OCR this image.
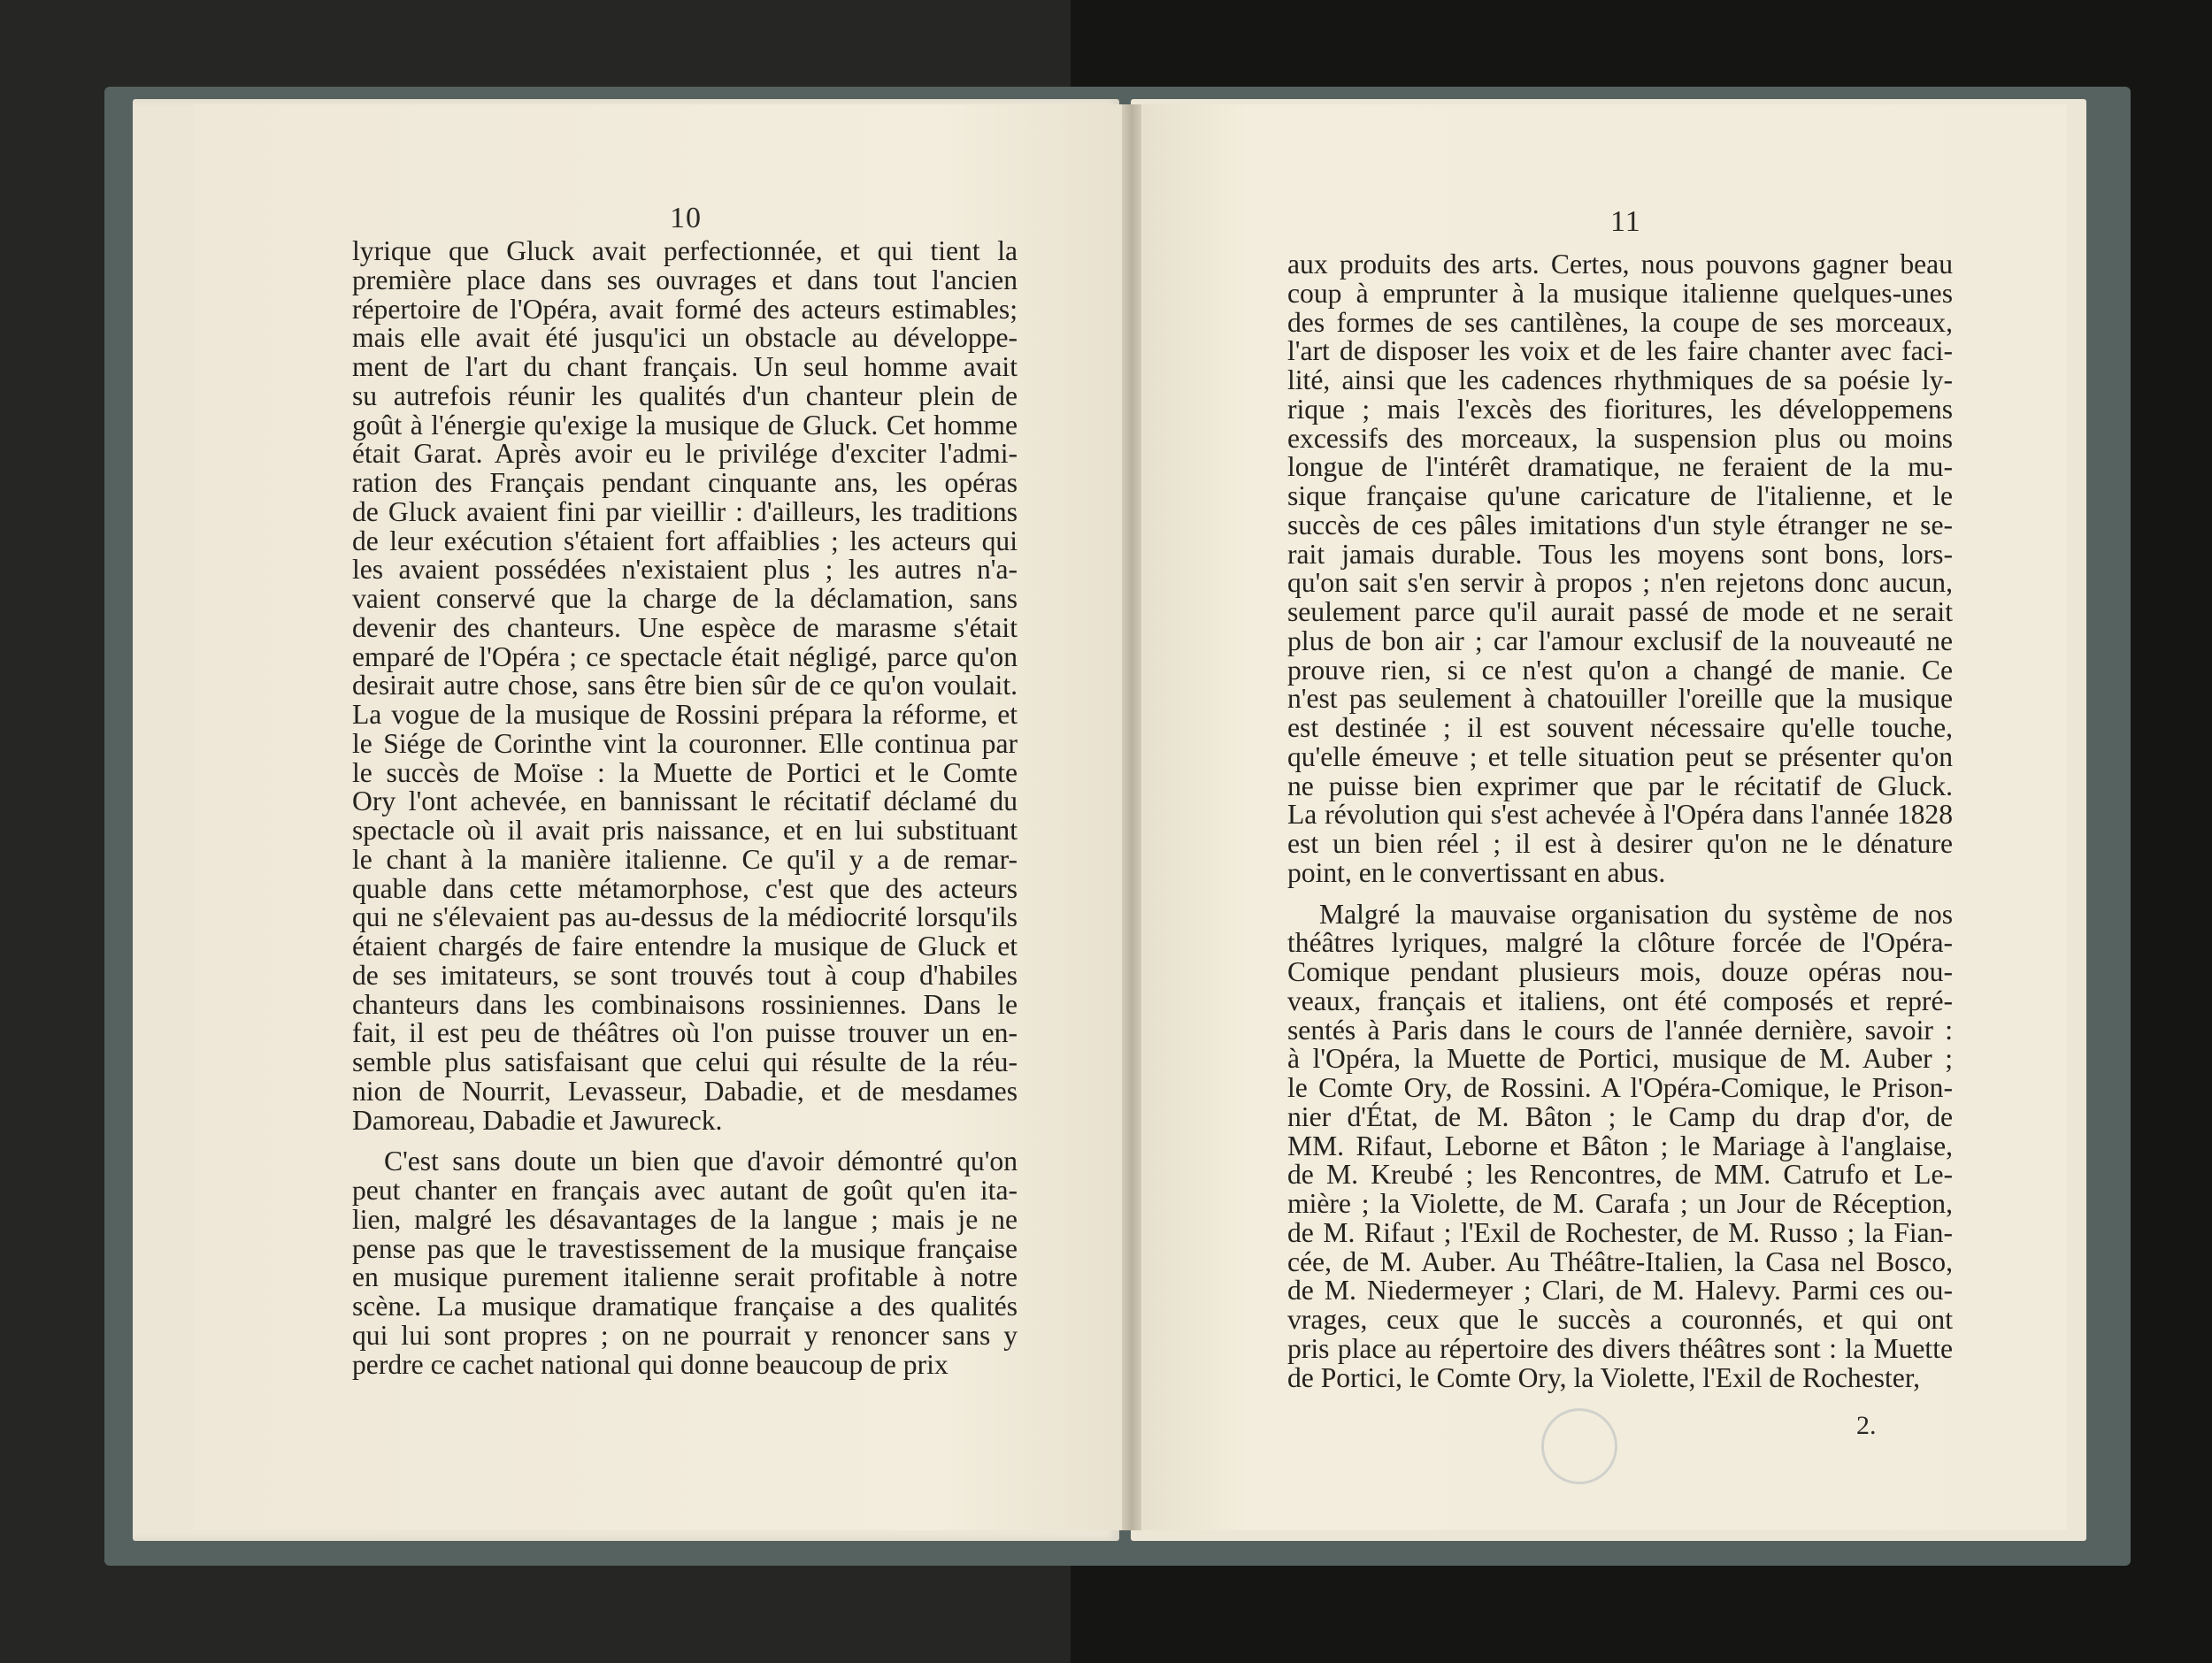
10	11
lyrique que Gluck avait perfectionnée, et qui tient la
première place dans ses ouvrages et dans tout l'ancien
répertoire de l'Opéra, avait formé des acteurs estimables;
mais elle avait été jusqu'ici un obstacle au développe-
ment de l'art du chant français. Un seul homme avait
su autrefois réunir les qualités d'un chanteur plein de
goût à l'énergie qu'exige la musique de Gluck. Cet homme
était Garat. Après avoir eu le privilége d'exciter l'admi-
ration des Français pendant cinquante ans, les opéras
de Gluck avaient fini par vieillir : d'ailleurs, les traditions
de leur exécution s'étaient fort affaiblies ; les acteurs qui
les avaient possédées n'existaient plus ; les autres n'a-
vaient conservé que la charge de la déclamation, sans
devenir des chanteurs. Une espèce de marasme s'était
emparé de l'Opéra ; ce spectacle était négligé, parce qu'on
desirait autre chose, sans être bien sûr de ce qu'on voulait.
La vogue de la musique de Rossini prépara la réforme, et
le Siége de Corinthe vint la couronner. Elle continua par
le succès de Moïse : la Muette de Portici et le Comte
Ory l'ont achevée, en bannissant le récitatif déclamé du
spectacle où il avait pris naissance, et en lui substituant
le chant à la manière italienne. Ce qu'il y a de remar-
quable dans cette métamorphose, c'est que des acteurs
qui ne s'élevaient pas au-dessus de la médiocrité lorsqu'ils
étaient chargés de faire entendre la musique de Gluck et
de ses imitateurs, se sont trouvés tout à coup d'habiles
chanteurs dans les combinaisons rossiniennes. Dans le
fait, il est peu de théâtres où l'on puisse trouver un en-
semble plus satisfaisant que celui qui résulte de la réu-
nion de Nourrit, Levasseur, Dabadie, et de mesdames
Damoreau, Dabadie et Jawureck.
C'est sans doute un bien que d'avoir démontré qu'on
peut chanter en français avec autant de goût qu'en ita-
lien, malgré les désavantages de la langue ; mais je ne
pense pas que le travestissement de la musique française
en musique purement italienne serait profitable à notre
scène. La musique dramatique française a des qualités
qui lui sont propres ; on ne pourrait y renoncer sans y
perdre ce cachet national qui donne beaucoup de prix
aux produits des arts. Certes, nous pouvons gagner beau
coup à emprunter à la musique italienne quelques-unes
des formes de ses cantilènes, la coupe de ses morceaux,
l'art de disposer les voix et de les faire chanter avec faci-
lité, ainsi que les cadences rhythmiques de sa poésie ly-
rique ; mais l'excès des fioritures, les développemens
excessifs des morceaux, la suspension plus ou moins
longue de l'intérêt dramatique, ne feraient de la mu-
sique française qu'une caricature de l'italienne, et le
succès de ces pâles imitations d'un style étranger ne se-
rait jamais durable. Tous les moyens sont bons, lors-
qu'on sait s'en servir à propos ; n'en rejetons donc aucun,
seulement parce qu'il aurait passé de mode et ne serait
plus de bon air ; car l'amour exclusif de la nouveauté ne
prouve rien, si ce n'est qu'on a changé de manie. Ce
n'est pas seulement à chatouiller l'oreille que la musique
est destinée ; il est souvent nécessaire qu'elle touche,
qu'elle émeuve ; et telle situation peut se présenter qu'on
ne puisse bien exprimer que par le récitatif de Gluck.
La révolution qui s'est achevée à l'Opéra dans l'année 1828
est un bien réel ; il est à desirer qu'on ne le dénature
point, en le convertissant en abus.
Malgré la mauvaise organisation du système de nos
théâtres lyriques, malgré la clôture forcée de l'Opéra-
Comique pendant plusieurs mois, douze opéras nou-
veaux, français et italiens, ont été composés et repré-
sentés à Paris dans le cours de l'année dernière, savoir :
à l'Opéra, la Muette de Portici, musique de M. Auber ;
le Comte Ory, de Rossini. A l'Opéra-Comique, le Prison-
nier d'État, de M. Bâton ; le Camp du drap d'or, de
MM. Rifaut, Leborne et Bâton ; le Mariage à l'anglaise,
de M. Kreubé ; les Rencontres, de MM. Catrufo et Le-
mière ; la Violette, de M. Carafa ; un Jour de Réception,
de M. Rifaut ; l'Exil de Rochester, de M. Russo ; la Fian-
cée, de M. Auber. Au Théâtre-Italien, la Casa nel Bosco,
de M. Niedermeyer ; Clari, de M. Halevy. Parmi ces ou-
vrages, ceux que le succès a couronnés, et qui ont
pris place au répertoire des divers théâtres sont : la Muette
de Portici, le Comte Ory, la Violette, l'Exil de Rochester,
2.
